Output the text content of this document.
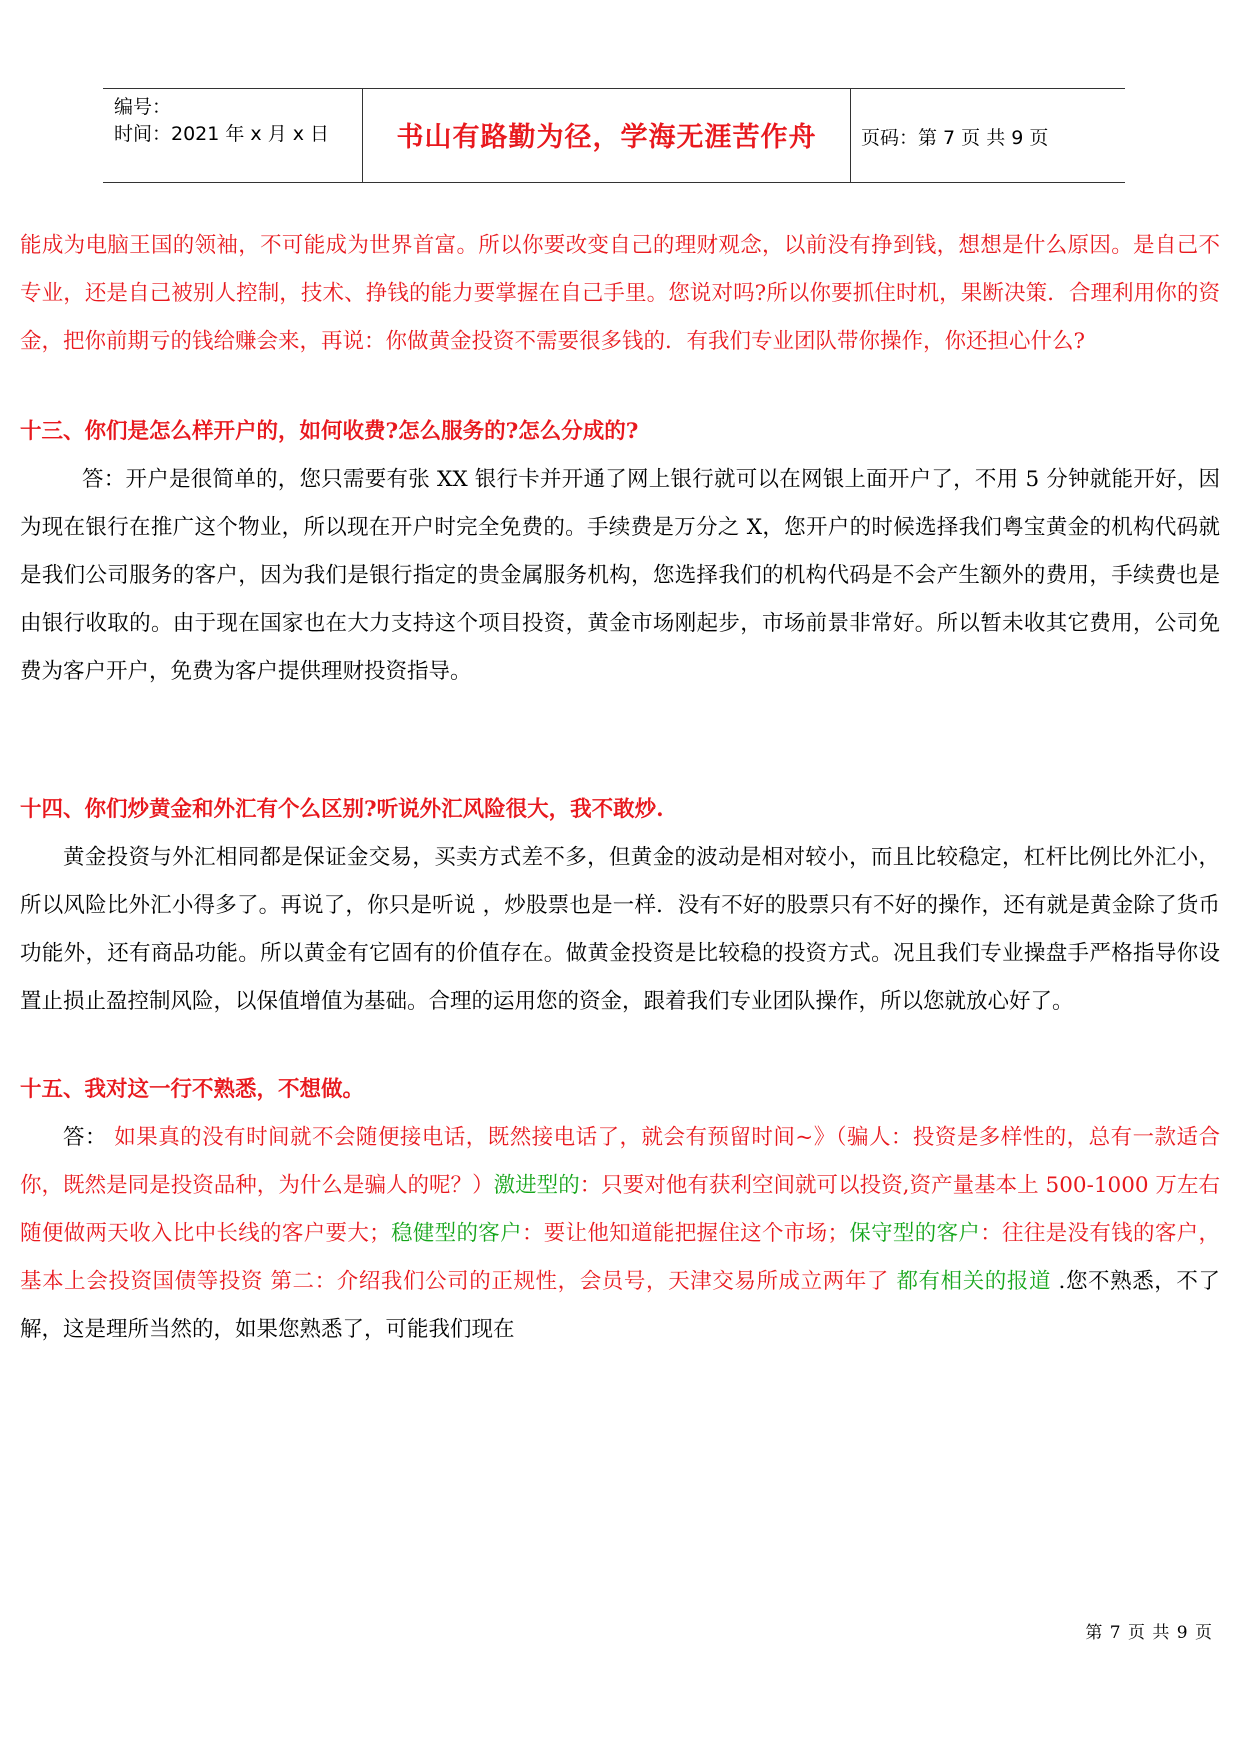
编号：
时间：2021 年 x 月 x 日	书山有路勤为径，学海无涯苦作舟	页码：第 7 页 共 9 页

能成为电脑王国的领袖，不可能成为世界首富。所以你要改变自己的理财观念，以前没有挣到钱，想想是什么原因。是自己不专业，还是自己被别人控制，技术、挣钱的能力要掌握在自己手里。您说对吗?所以你要抓住时机，果断决策．合理利用你的资金，把你前期亏的钱给赚会来，再说：你做黄金投资不需要很多钱的．有我们专业团队带你操作，你还担心什么?

十三、你们是怎么样开户的，如何收费?怎么服务的?怎么分成的?

答：开户是很简单的，您只需要有张 XX 银行卡并开通了网上银行就可以在网银上面开户了，不用 5 分钟就能开好，因为现在银行在推广这个物业，所以现在开户时完全免费的。手续费是万分之 X，您开户的时候选择我们粤宝黄金的机构代码就是我们公司服务的客户，因为我们是银行指定的贵金属服务机构，您选择我们的机构代码是不会产生额外的费用，手续费也是由银行收取的。由于现在国家也在大力支持这个项目投资，黄金市场刚起步，市场前景非常好。所以暂未收其它费用，公司免费为客户开户，免费为客户提供理财投资指导。

十四、你们炒黄金和外汇有个么区别?听说外汇风险很大，我不敢炒.

黄金投资与外汇相同都是保证金交易，买卖方式差不多，但黄金的波动是相对较小，而且比较稳定，杠杆比例比外汇小，所以风险比外汇小得多了。再说了，你只是听说 ，炒股票也是一样．没有不好的股票只有不好的操作，还有就是黄金除了货币功能外，还有商品功能。所以黄金有它固有的价值存在。做黄金投资是比较稳的投资方式。况且我们专业操盘手严格指导你设置止损止盈控制风险，以保值增值为基础。合理的运用您的资金，跟着我们专业团队操作，所以您就放心好了。

十五、我对这一行不熟悉，不想做。

答： 如果真的没有时间就不会随便接电话，既然接电话了，就会有预留时间~》（骗人：投资是多样性的，总有一款适合你，既然是同是投资品种，为什么是骗人的呢？）激进型的：只要对他有获利空间就可以投资,资产量基本上 500-1000 万左右随便做两天收入比中长线的客户要大；稳健型的客户：要让他知道能把握住这个市场；保守型的客户：往往是没有钱的客户，基本上会投资国债等投资 第二：介绍我们公司的正规性，会员号，天津交易所成立两年了 都有相关的报道 .您不熟悉，不了解，这是理所当然的，如果您熟悉了，可能我们现在

第 7 页 共 9 页
